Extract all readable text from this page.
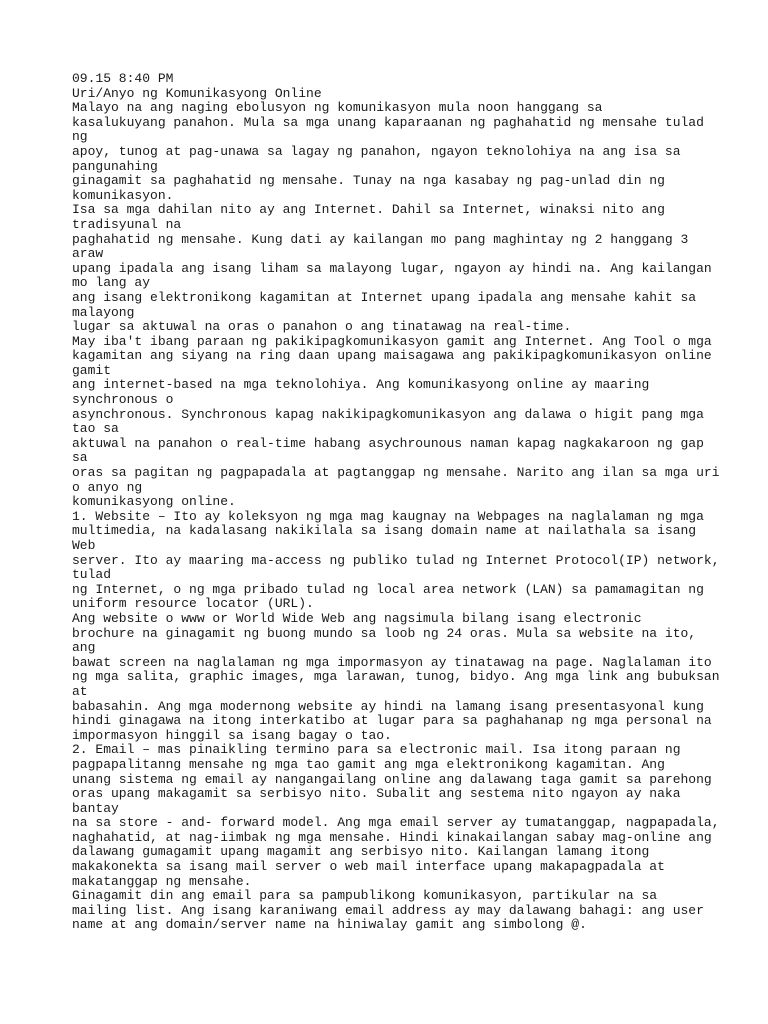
09.15 8:40 PM
Uri/Anyo ng Komunikasyong Online
Malayo na ang naging ebolusyon ng komunikasyon mula noon hanggang sa
kasalukuyang panahon. Mula sa mga unang kaparaanan ng paghahatid ng mensahe tulad
ng
apoy, tunog at pag-unawa sa lagay ng panahon, ngayon teknolohiya na ang isa sa
pangunahing
ginagamit sa paghahatid ng mensahe. Tunay na nga kasabay ng pag-unlad din ng
komunikasyon.
Isa sa mga dahilan nito ay ang Internet. Dahil sa Internet, winaksi nito ang
tradisyunal na
paghahatid ng mensahe. Kung dati ay kailangan mo pang maghintay ng 2 hanggang 3
araw
upang ipadala ang isang liham sa malayong lugar, ngayon ay hindi na. Ang kailangan
mo lang ay
ang isang elektronikong kagamitan at Internet upang ipadala ang mensahe kahit sa
malayong
lugar sa aktuwal na oras o panahon o ang tinatawag na real-time.
May iba't ibang paraan ng pakikipagkomunikasyon gamit ang Internet. Ang Tool o mga
kagamitan ang siyang na ring daan upang maisagawa ang pakikipagkomunikasyon online
gamit
ang internet-based na mga teknolohiya. Ang komunikasyong online ay maaring
synchronous o
asynchronous. Synchronous kapag nakikipagkomunikasyon ang dalawa o higit pang mga
tao sa
aktuwal na panahon o real-time habang asychrounous naman kapag nagkakaroon ng gap
sa
oras sa pagitan ng pagpapadala at pagtanggap ng mensahe. Narito ang ilan sa mga uri
o anyo ng
komunikasyong online.
1. Website – Ito ay koleksyon ng mga mag kaugnay na Webpages na naglalaman ng mga
multimedia, na kadalasang nakikilala sa isang domain name at nailathala sa isang
Web
server. Ito ay maaring ma-access ng publiko tulad ng Internet Protocol(IP) network,
tulad
ng Internet, o ng mga pribado tulad ng local area network (LAN) sa pamamagitan ng
uniform resource locator (URL).
Ang website o www or World Wide Web ang nagsimula bilang isang electronic
brochure na ginagamit ng buong mundo sa loob ng 24 oras. Mula sa website na ito,
ang
bawat screen na naglalaman ng mga impormasyon ay tinatawag na page. Naglalaman ito
ng mga salita, graphic images, mga larawan, tunog, bidyo. Ang mga link ang bubuksan
at
babasahin. Ang mga modernong website ay hindi na lamang isang presentasyonal kung
hindi ginagawa na itong interkatibo at lugar para sa paghahanap ng mga personal na
impormasyon hinggil sa isang bagay o tao.
2. Email – mas pinaikling termino para sa electronic mail. Isa itong paraan ng
pagpapalitanng mensahe ng mga tao gamit ang mga elektronikong kagamitan. Ang
unang sistema ng email ay nangangailang online ang dalawang taga gamit sa parehong
oras upang makagamit sa serbisyo nito. Subalit ang sestema nito ngayon ay naka
bantay
na sa store - and- forward model. Ang mga email server ay tumatanggap, nagpapadala,
naghahatid, at nag-iimbak ng mga mensahe. Hindi kinakailangan sabay mag-online ang
dalawang gumagamit upang magamit ang serbisyo nito. Kailangan lamang itong
makakonekta sa isang mail server o web mail interface upang makapagpadala at
makatanggap ng mensahe.
Ginagamit din ang email para sa pampublikong komunikasyon, partikular na sa
mailing list. Ang isang karaniwang email address ay may dalawang bahagi: ang user
name at ang domain/server name na hiniwalay gamit ang simbolong @.
